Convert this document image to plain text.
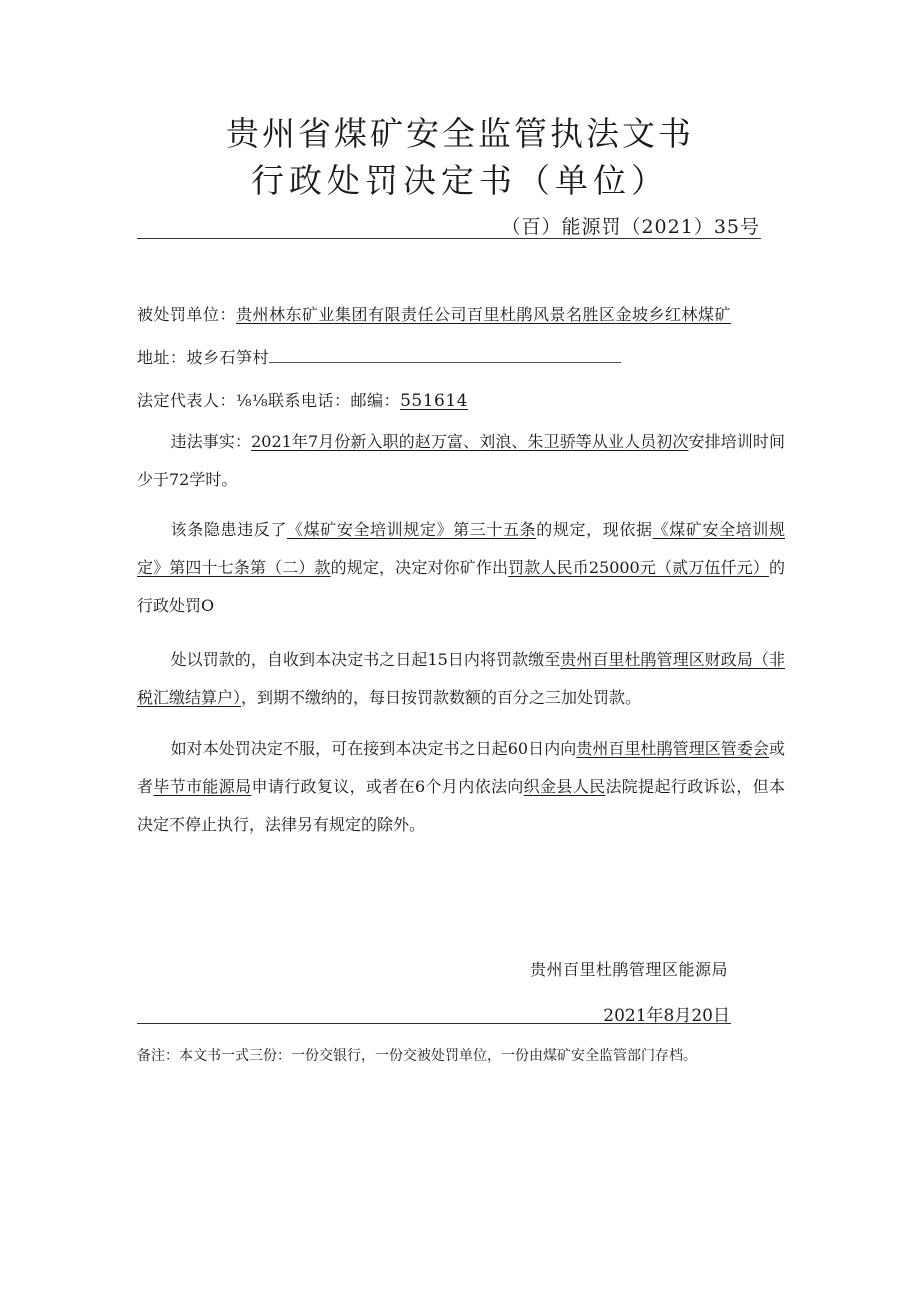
贵州省煤矿安全监管执法文书
行政处罚决定书（单位）
（百）能源罚（2021）35号
被处罚单位：贵州林东矿业集团有限责任公司百里杜鹃风景名胜区金坡乡红林煤矿
地址：坡乡石笋村
法定代表人：⅛⅛联系电话：邮编：551614
违法事实：2021年7月份新入职的赵万富、刘浪、朱卫骄等从业人员初次安排培训时间少于72学时。
该条隐患违反了《煤矿安全培训规定》第三十五条的规定，现依据《煤矿安全培训规定》第四十七条第（二）款的规定，决定对你矿作出罚款人民币25000元（贰万伍仟元）的行政处罚O
处以罚款的，自收到本决定书之日起15日内将罚款缴至贵州百里杜鹃管理区财政局（非税汇缴结算户），到期不缴纳的，每日按罚款数额的百分之三加处罚款。
如对本处罚决定不服，可在接到本决定书之日起60日内向贵州百里杜鹃管理区管委会或者毕节市能源局申请行政复议，或者在6个月内依法向织金县人民法院提起行政诉讼，但本决定不停止执行，法律另有规定的除外。
贵州百里杜鹃管理区能源局
2021年8月20日
备注：本文书一式三份：一份交银行，一份交被处罚单位，一份由煤矿安全监管部门存档。
